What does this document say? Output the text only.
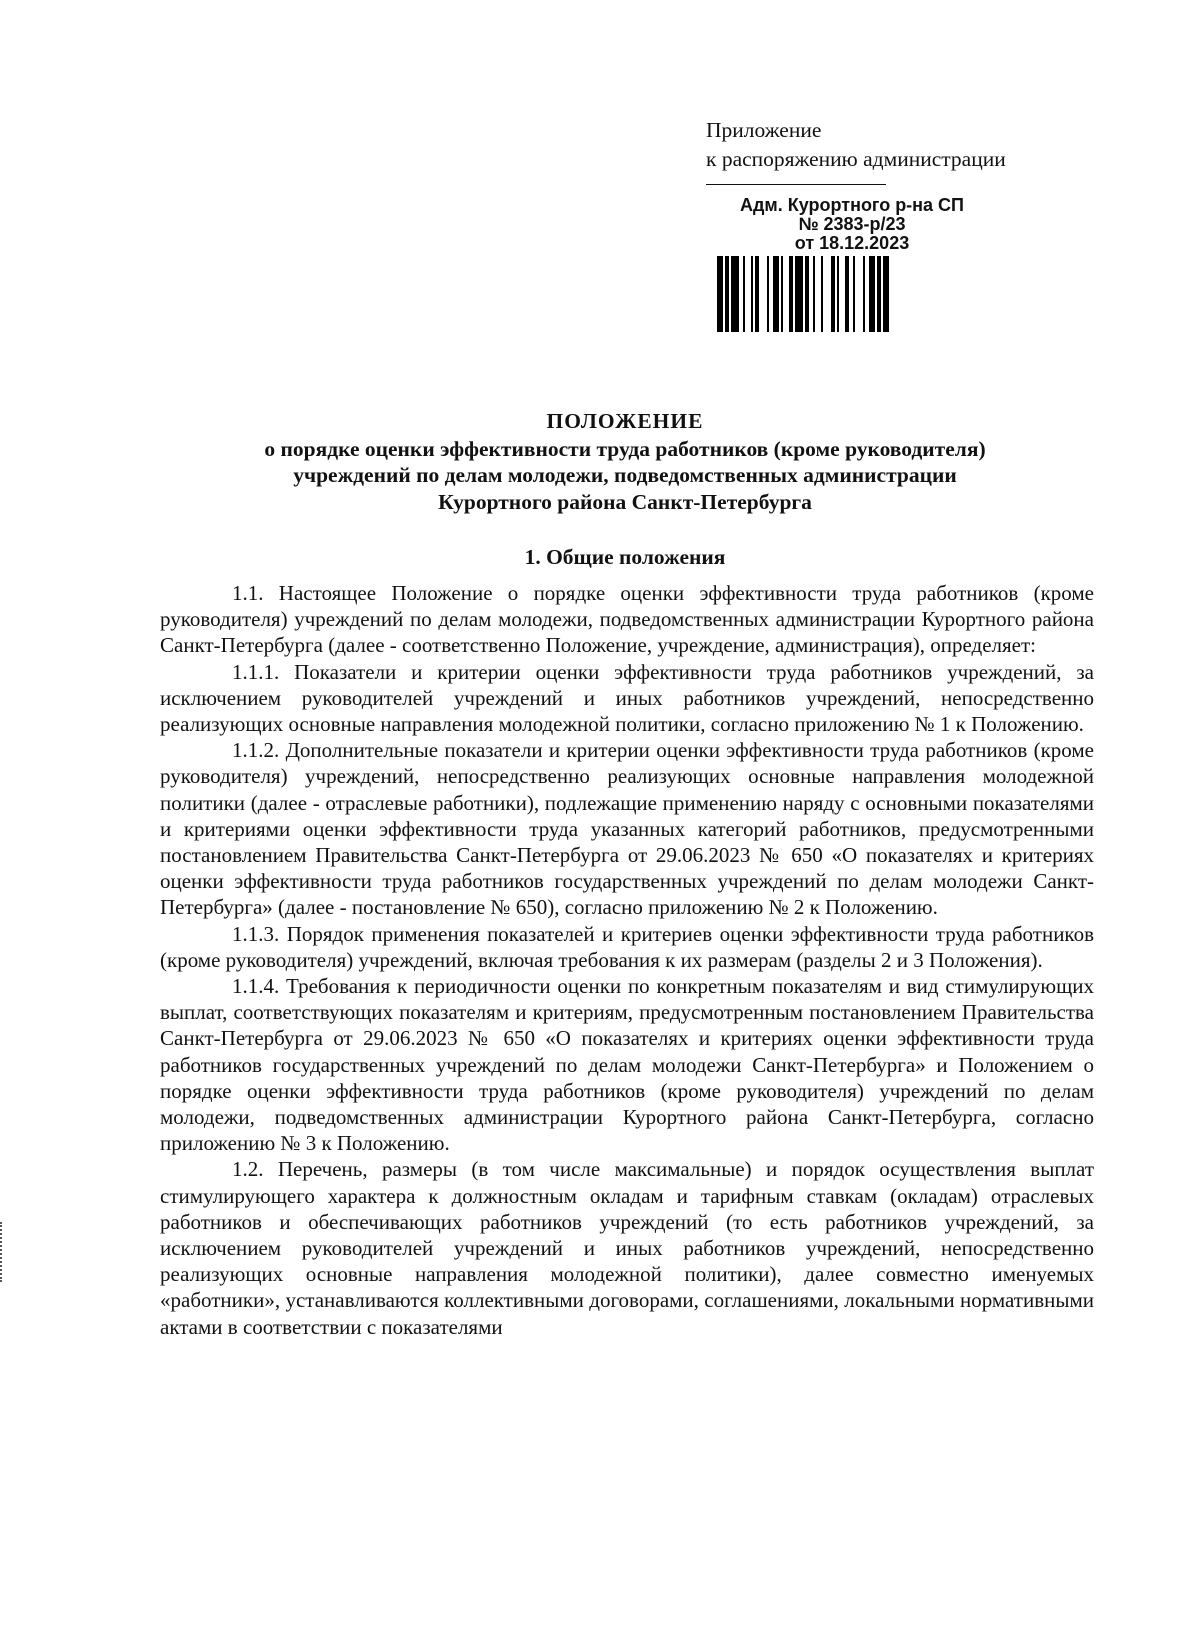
Приложение
к распоряжению администрации
Адм. Курортного р-на СП
№ 2383-р/23
от 18.12.2023
ПОЛОЖЕНИЕ
о порядке оценки эффективности труда работников (кроме руководителя)
учреждений по делам молодежи, подведомственных администрации
Курортного района Санкт-Петербурга
1. Общие положения

1.1. Настоящее Положение о порядке оценки эффективности труда работников (кроме руководителя) учреждений по делам молодежи, подведомственных администрации Курортного района Санкт-Петербурга (далее - соответственно Положение, учреждение, администрация), определяет:

1.1.1. Показатели и критерии оценки эффективности труда работников учреждений, за исключением руководителей учреждений и иных работников учреждений, непосредственно реализующих основные направления молодежной политики, согласно приложению № 1 к Положению.

1.1.2. Дополнительные показатели и критерии оценки эффективности труда работников (кроме руководителя) учреждений, непосредственно реализующих основные направления молодежной политики (далее - отраслевые работники), подлежащие применению наряду с основными показателями и критериями оценки эффективности труда указанных категорий работников, предусмотренными постановлением Правительства Санкт-Петербурга от 29.06.2023 № 650 «О показателях и критериях оценки эффективности труда работников государственных учреждений по делам молодежи Санкт-Петербурга» (далее - постановление № 650), согласно приложению № 2 к Положению.

1.1.3. Порядок применения показателей и критериев оценки эффективности труда работников (кроме руководителя) учреждений, включая требования к их размерам (разделы 2 и 3 Положения).

1.1.4. Требования к периодичности оценки по конкретным показателям и вид стимулирующих выплат, соответствующих показателям и критериям, предусмотренным постановлением Правительства Санкт-Петербурга от 29.06.2023 № 650 «О показателях и критериях оценки эффективности труда работников государственных учреждений по делам молодежи Санкт-Петербурга» и Положением о порядке оценки эффективности труда работников (кроме руководителя) учреждений по делам молодежи, подведомственных администрации Курортного района Санкт-Петербурга, согласно приложению № 3 к Положению.

1.2. Перечень, размеры (в том числе максимальные) и порядок осуществления выплат стимулирующего характера к должностным окладам и тарифным ставкам (окладам) отраслевых работников и обеспечивающих работников учреждений (то есть работников учреждений, за исключением руководителей учреждений и иных работников учреждений, непосредственно реализующих основные направления молодежной политики), далее совместно именуемых «работники», устанавливаются коллективными договорами, соглашениями, локальными нормативными актами в соответствии с показателями
